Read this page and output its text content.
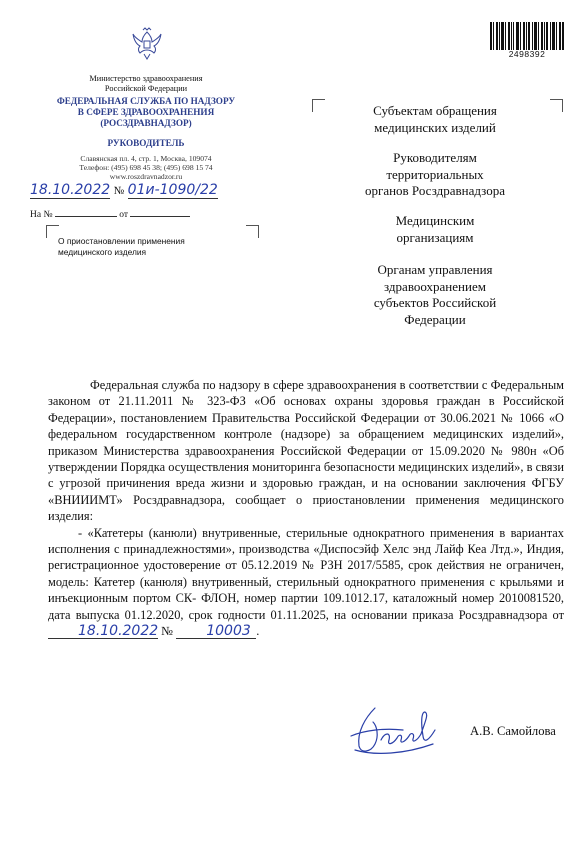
Министерство здравоохранения
Российской Федерации
ФЕДЕРАЛЬНАЯ СЛУЖБА ПО НАДЗОРУ
В СФЕРЕ ЗДРАВООХРАНЕНИЯ
(РОСЗДРАВНАДЗОР)
РУКОВОДИТЕЛЬ
Славянская пл. 4, стр. 1, Москва, 109074
Телефон: (495) 698 45 38; (495) 698 15 74
www.roszdravnadzor.ru
18.10.2022 № 01и-1090/22
На №	от
О приостановлении применения
медицинского изделия
2498392
Субъектам обращения
медицинских изделий
Руководителям
территориальных
органов Росздравнадзора
Медицинским
организациям
Органам управления
здравоохранением
субъектов Российской
Федерации

Федеральная служба по надзору в сфере здравоохранения в соответствии с Федеральным законом от 21.11.2011 № 323-ФЗ «Об основах охраны здоровья граждан в Российской Федерации», постановлением Правительства Российской Федерации от 30.06.2021 № 1066 «О федеральном государственном контроле (надзоре) за обращением медицинских изделий», приказом Министерства здравоохранения Российской Федерации от 15.09.2020 № 980н «Об утверждении Порядка осуществления мониторинга безопасности медицинских изделий», в связи с угрозой причинения вреда жизни и здоровью граждан, и на основании заключения ФГБУ «ВНИИИМТ» Росздравнадзора, сообщает о приостановлении применения медицинского изделия:

- «Катетеры (канюли) внутривенные, стерильные однократного применения в вариантах исполнения с принадлежностями», производства «Диспосэйф Хелс энд Лайф Кеа Лтд.», Индия, регистрационное удостоверение от 05.12.2019 № РЗН 2017/5585, срок действия не ограничен, модель: Катетер (канюля) внутривенный, стерильный однократного применения с крыльями и инъекционным портом СК- ФЛОН, номер партии 109.1012.17, каталожный номер 2010081520, дата выпуска 01.12.2020, срок годности 01.11.2025, на основании приказа Росздравнадзора от 18.10.2022 № 10003 .

А.В. Самойлова
